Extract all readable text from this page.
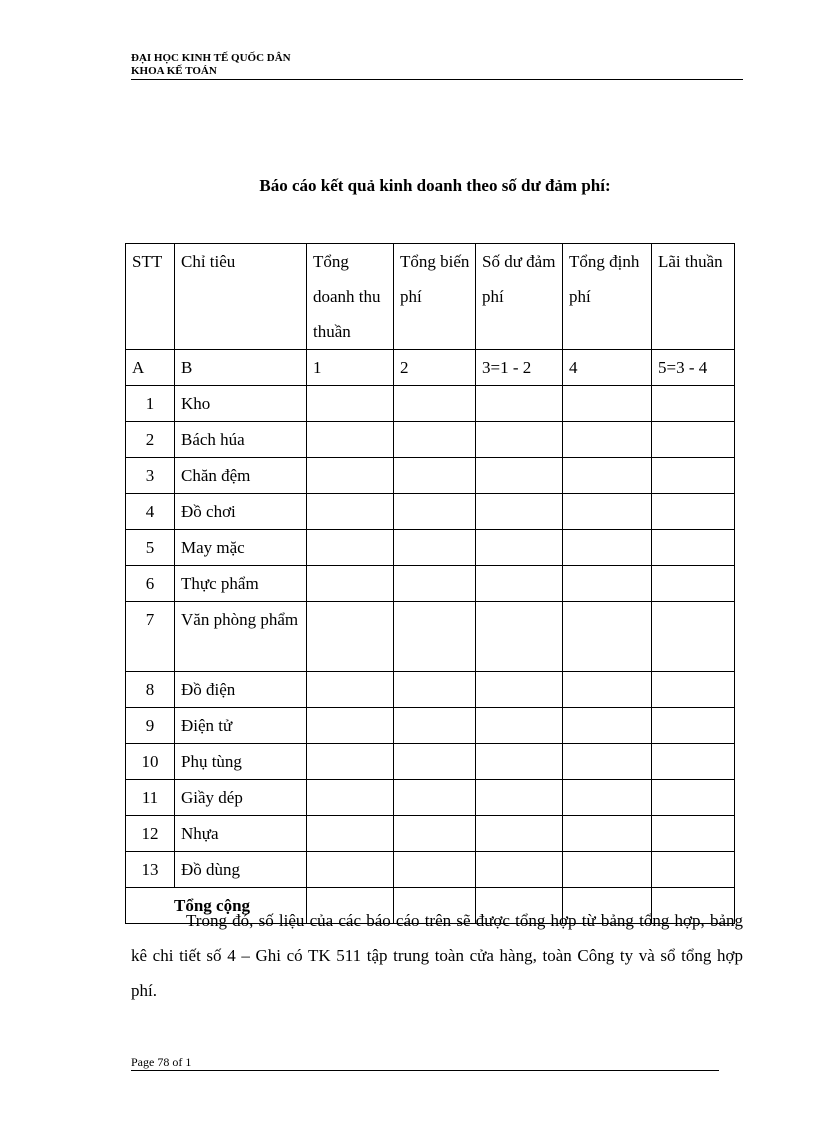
ĐẠI HỌC KINH TẾ QUỐC DÂN
KHOA KẾ TOÁN
Báo cáo kết quả kinh doanh theo số dư đảm phí:
STT	Chỉ tiêu	Tổng doanh thu thuần	Tổng biến phí	Số dư đảm phí	Tổng định phí	Lãi thuần
A	B	1	2	3=1 - 2	4	5=3 - 4
1	Kho					
2	Bách húa					
3	Chăn đệm					
4	Đồ chơi					
5	May mặc					
6	Thực phẩm					
7	Văn phòng phẩm					
8	Đồ điện					
9	Điện tử					
10	Phụ tùng					
11	Giầy dép					
12	Nhựa					
13	Đồ dùng					
Tổng cộng						
Trong đó, số liệu của các báo cáo trên sẽ được tổng hợp từ bảng tổng hợp, bảng kê chi tiết số 4 – Ghi có TK 511 tập trung toàn cửa hàng, toàn Công ty và sổ tổng hợp phí.
Page 78 of 1
